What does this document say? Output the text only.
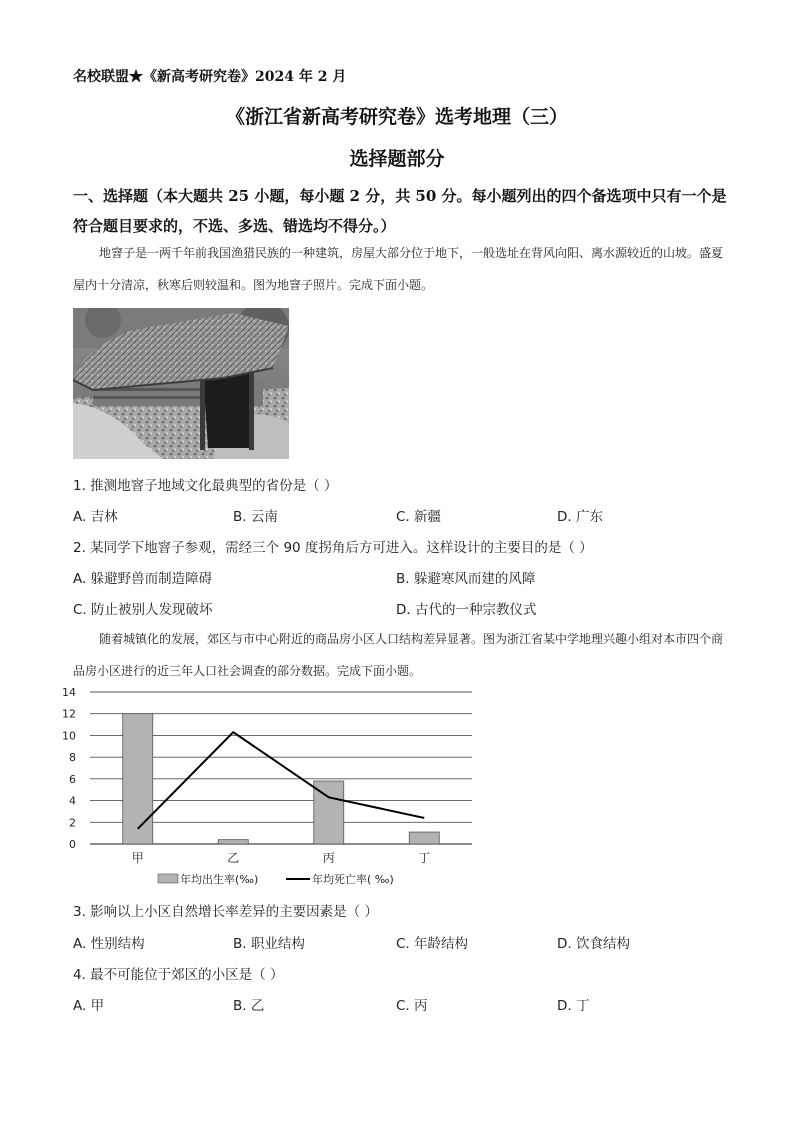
名校联盟★《新高考研究卷》2024 年 2 月
《浙江省新高考研究卷》选考地理（三）
选择题部分
一、选择题（本大题共 25 小题，每小题 2 分，共 50 分。每小题列出的四个备选项中只有一个是符合题目要求的，不选、多选、错选均不得分。）
地窨子是一两千年前我国渔猎民族的一种建筑，房屋大部分位于地下，一般选址在背风向阳、离水源较近的山坡。盛夏屋内十分清凉，秋寒后则较温和。图为地窨子照片。完成下面小题。
1. 推测地窨子地域文化最典型的省份是（ ）
A. 吉林	B. 云南	C. 新疆	D. 广东
2. 某同学下地窨子参观，需经三个 90 度拐角后方可进入。这样设计的主要目的是（ ）
A. 躲避野兽而制造障碍	B. 躲避寒风而建的风障
C. 防止被别人发现破坏	D. 古代的一种宗教仪式
随着城镇化的发展，郊区与市中心附近的商品房小区人口结构差异显著。图为浙江省某中学地理兴趣小组对本市四个商品房小区进行的近三年人口社会调查的部分数据。完成下面小题。
0
2
4
6
8
10
12
14
甲	乙	丙	丁
年均出生率(‰)	年均死亡率( ‰)
3. 影响以上小区自然增长率差异的主要因素是（ ）
A. 性别结构	B. 职业结构	C. 年龄结构	D. 饮食结构
4. 最不可能位于郊区的小区是（ ）
A. 甲	B. 乙	C. 丙	D. 丁
